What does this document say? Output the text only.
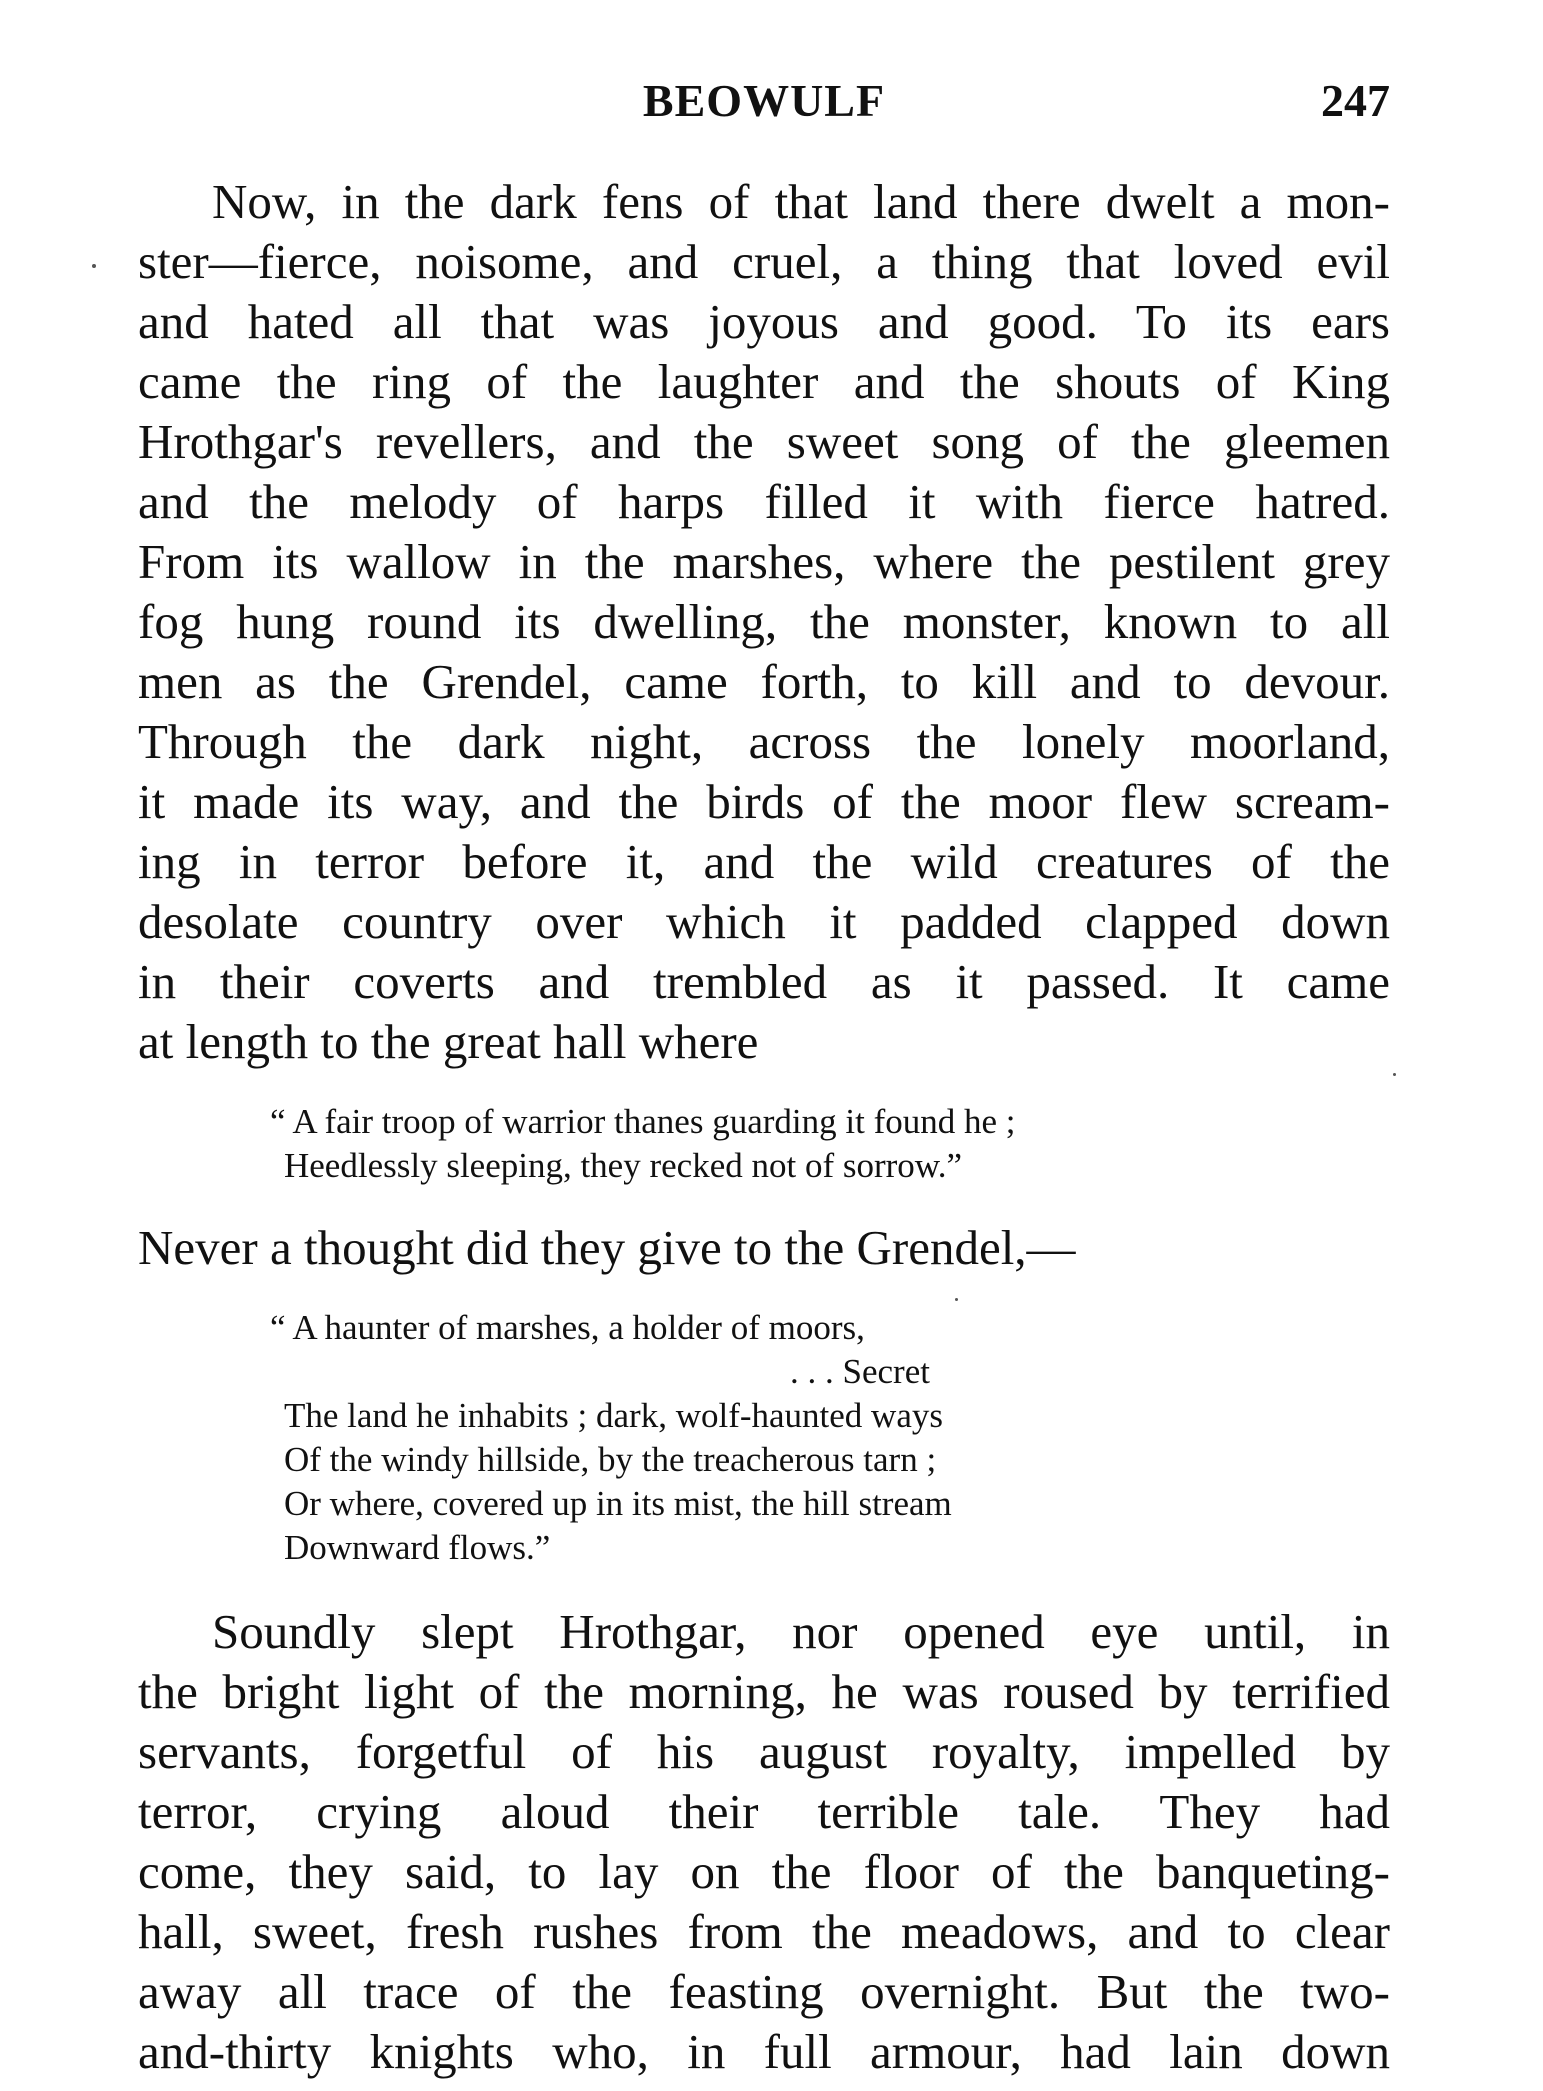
BEOWULF	247
Now, in the dark fens of that land there dwelt a mon-
ster—fierce, noisome, and cruel, a thing that loved evil
and hated all that was joyous and good. To its ears
came the ring of the laughter and the shouts of King
Hrothgar's revellers, and the sweet song of the gleemen
and the melody of harps filled it with fierce hatred.
From its wallow in the marshes, where the pestilent grey
fog hung round its dwelling, the monster, known to all
men as the Grendel, came forth, to kill and to devour.
Through the dark night, across the lonely moorland,
it made its way, and the birds of the moor flew scream-
ing in terror before it, and the wild creatures of the
desolate country over which it padded clapped down
in their coverts and trembled as it passed. It came
at length to the great hall where
“ A fair troop of warrior thanes guarding it found he ;
Heedlessly sleeping, they recked not of sorrow.”
Never a thought did they give to the Grendel,—
“ A haunter of marshes, a holder of moors,
. . . Secret
The land he inhabits ; dark, wolf-haunted ways
Of the windy hillside, by the treacherous tarn ;
Or where, covered up in its mist, the hill stream
Downward flows.”
Soundly slept Hrothgar, nor opened eye until, in
the bright light of the morning, he was roused by terrified
servants, forgetful of his august royalty, impelled by
terror, crying aloud their terrible tale. They had
come, they said, to lay on the floor of the banqueting-
hall, sweet, fresh rushes from the meadows, and to clear
away all trace of the feasting overnight. But the two-
and-thirty knights who, in full armour, had lain down
